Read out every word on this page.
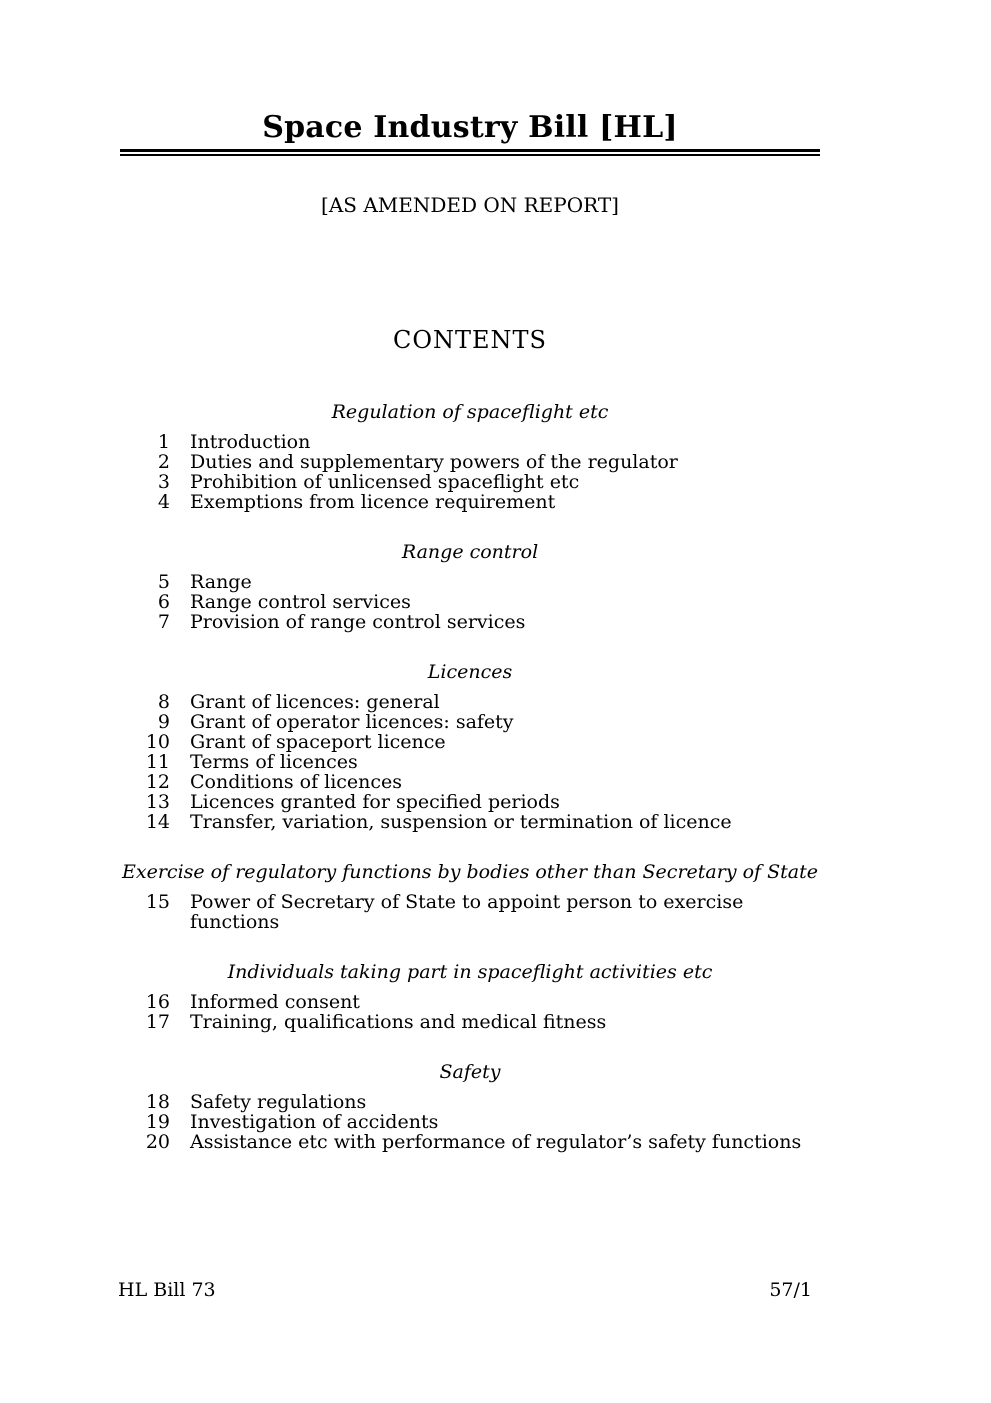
Space Industry Bill [HL]
[AS AMENDED ON REPORT]
CONTENTS
Regulation of spaceflight etc
1 Introduction
2 Duties and supplementary powers of the regulator
3 Prohibition of unlicensed spaceflight etc
4 Exemptions from licence requirement
Range control
5 Range
6 Range control services
7 Provision of range control services
Licences
8 Grant of licences: general
9 Grant of operator licences: safety
10 Grant of spaceport licence
11 Terms of licences
12 Conditions of licences
13 Licences granted for specified periods
14 Transfer, variation, suspension or termination of licence
Exercise of regulatory functions by bodies other than Secretary of State
15 Power of Secretary of State to appoint person to exercise functions
Individuals taking part in spaceflight activities etc
16 Informed consent
17 Training, qualifications and medical fitness
Safety
18 Safety regulations
19 Investigation of accidents
20 Assistance etc with performance of regulator’s safety functions
HL Bill 73	57/1
